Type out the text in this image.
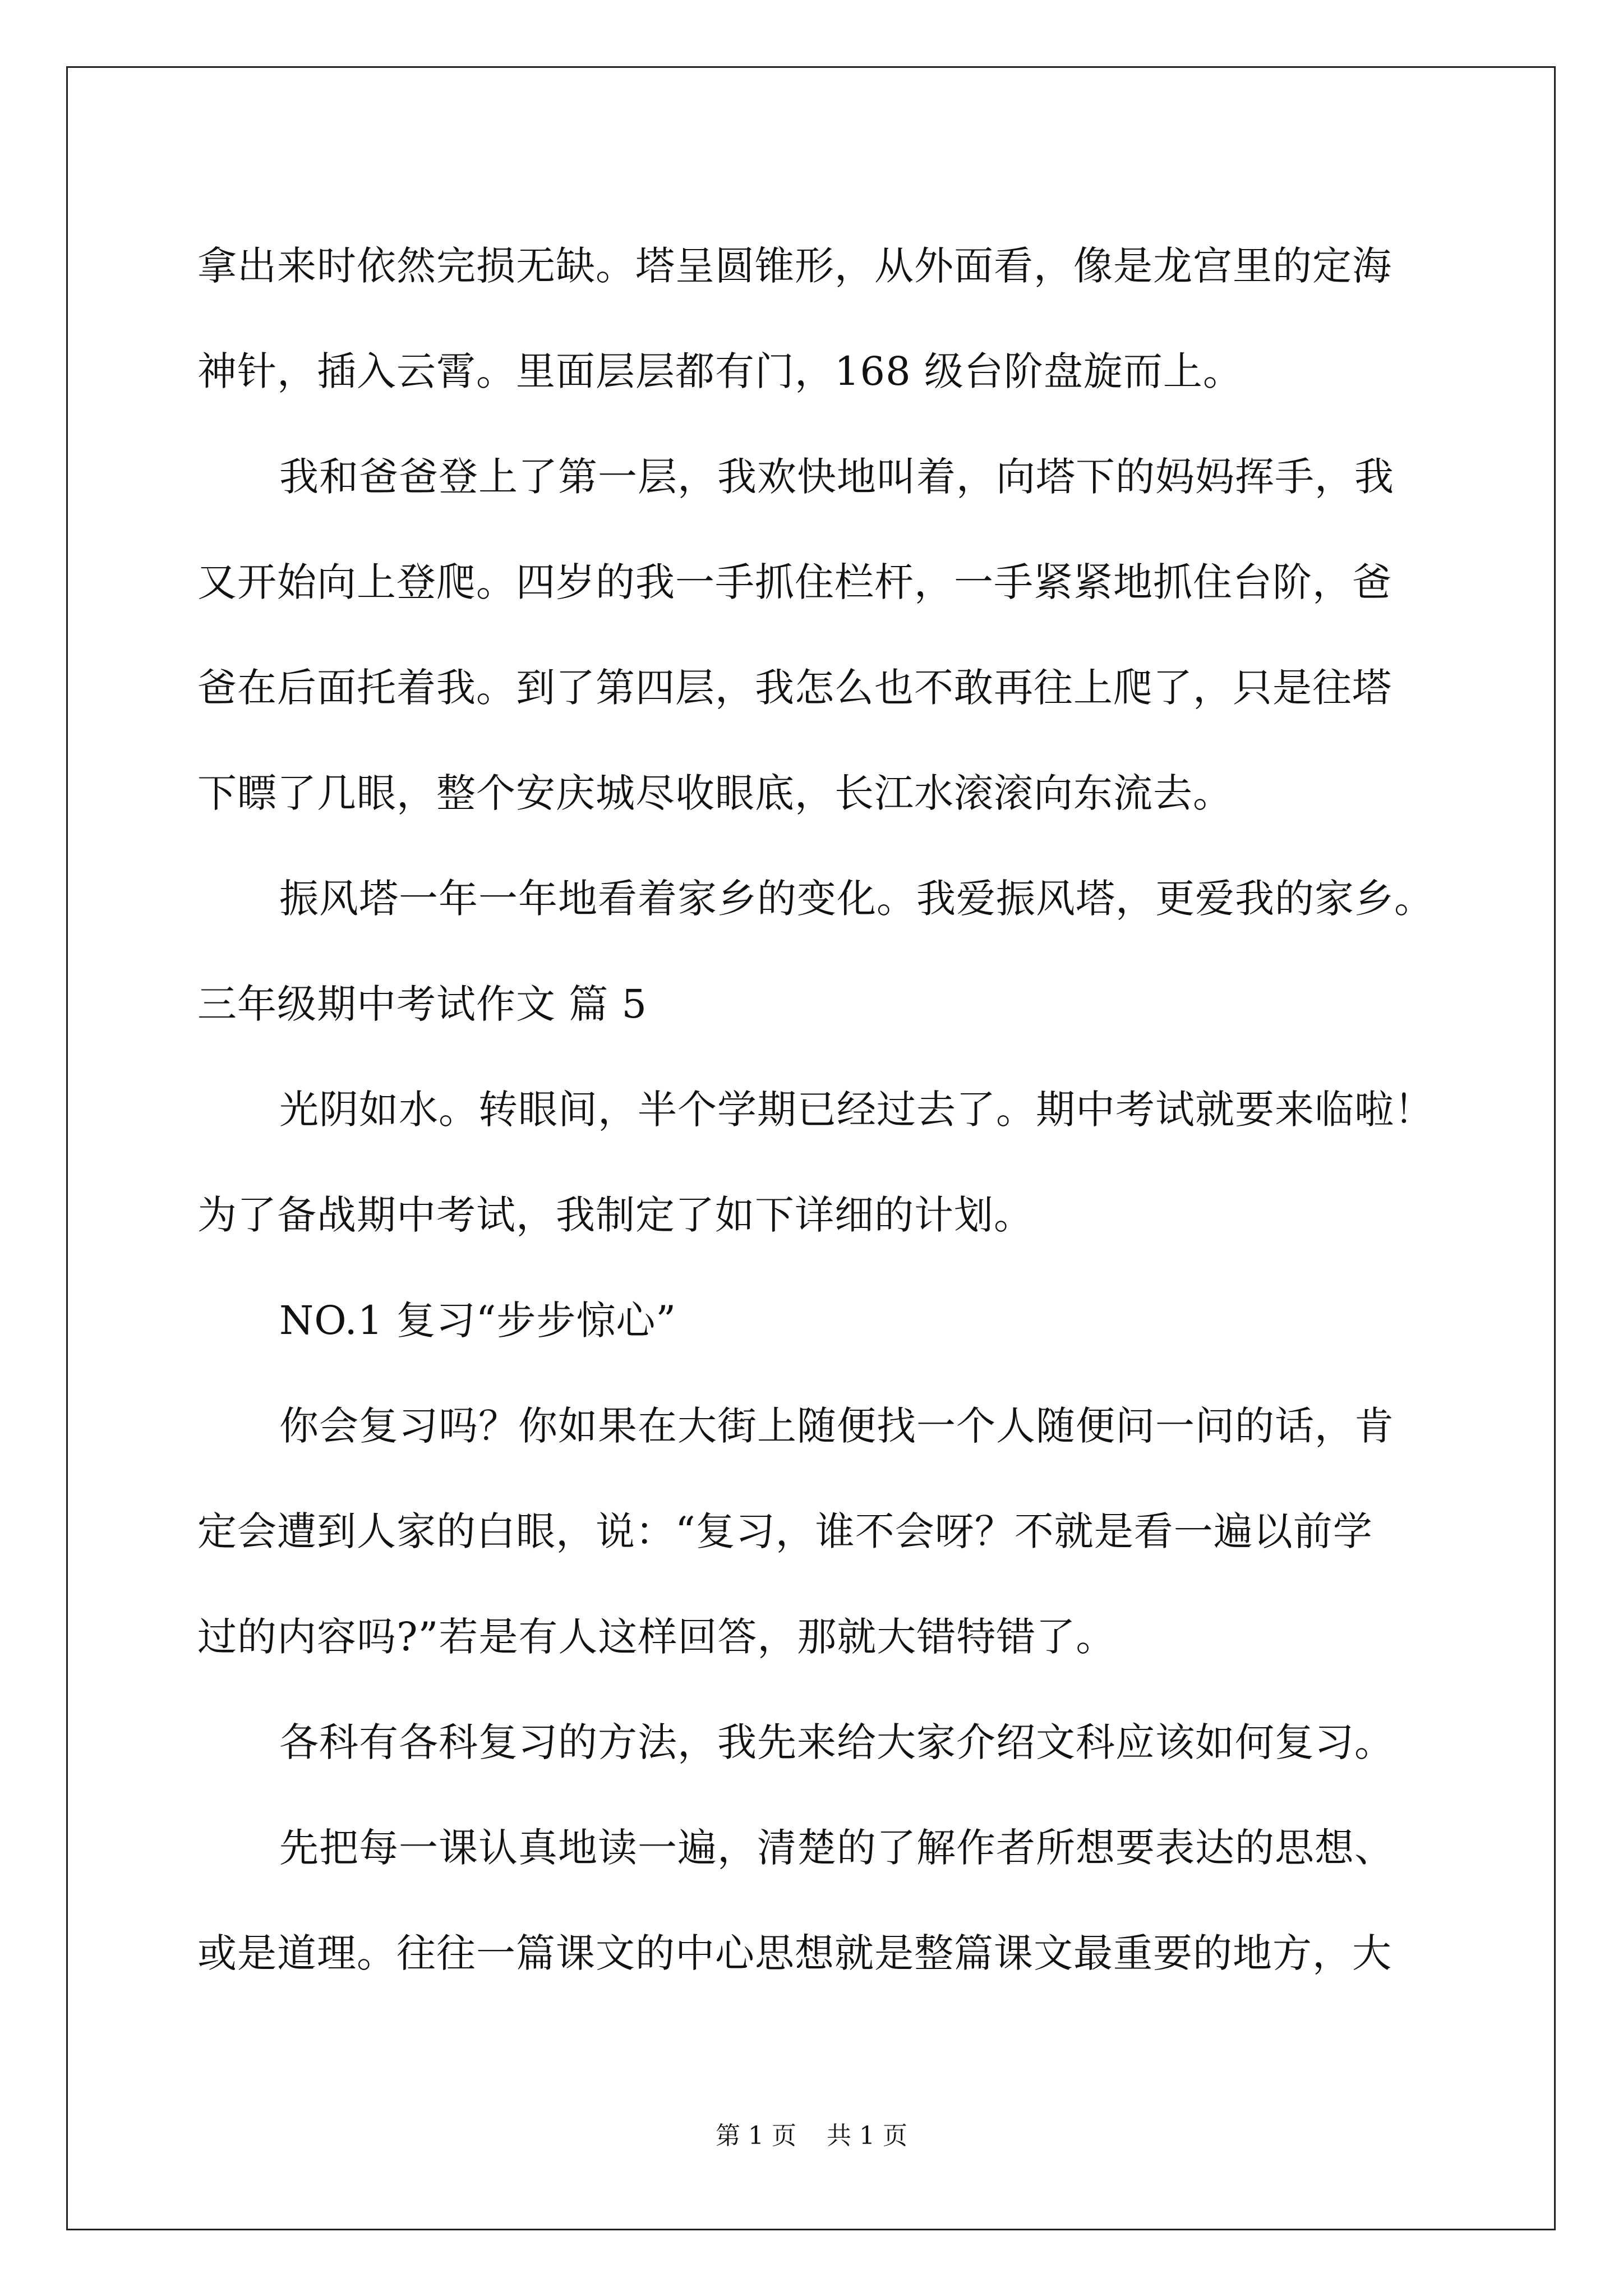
拿出来时依然完损无缺。塔呈圆锥形，从外面看，像是龙宫里的定海
神针，插入云霄。里面层层都有门，168 级台阶盘旋而上。
我和爸爸登上了第一层，我欢快地叫着，向塔下的妈妈挥手，我
又开始向上登爬。四岁的我一手抓住栏杆，一手紧紧地抓住台阶，爸
爸在后面托着我。到了第四层，我怎么也不敢再往上爬了，只是往塔
下瞟了几眼，整个安庆城尽收眼底，长江水滚滚向东流去。
振风塔一年一年地看着家乡的变化。我爱振风塔，更爱我的家乡。
三年级期中考试作文 篇 5
光阴如水。转眼间，半个学期已经过去了。期中考试就要来临啦！
为了备战期中考试，我制定了如下详细的计划。
NO.1 复习“步步惊心”
你会复习吗？你如果在大街上随便找一个人随便问一问的话，肯
定会遭到人家的白眼，说：“复习，谁不会呀？不就是看一遍以前学
过的内容吗?”若是有人这样回答，那就大错特错了。
各科有各科复习的方法，我先来给大家介绍文科应该如何复习。
先把每一课认真地读一遍，清楚的了解作者所想要表达的思想、
或是道理。往往一篇课文的中心思想就是整篇课文最重要的地方，大
第 1 页 共 1 页
